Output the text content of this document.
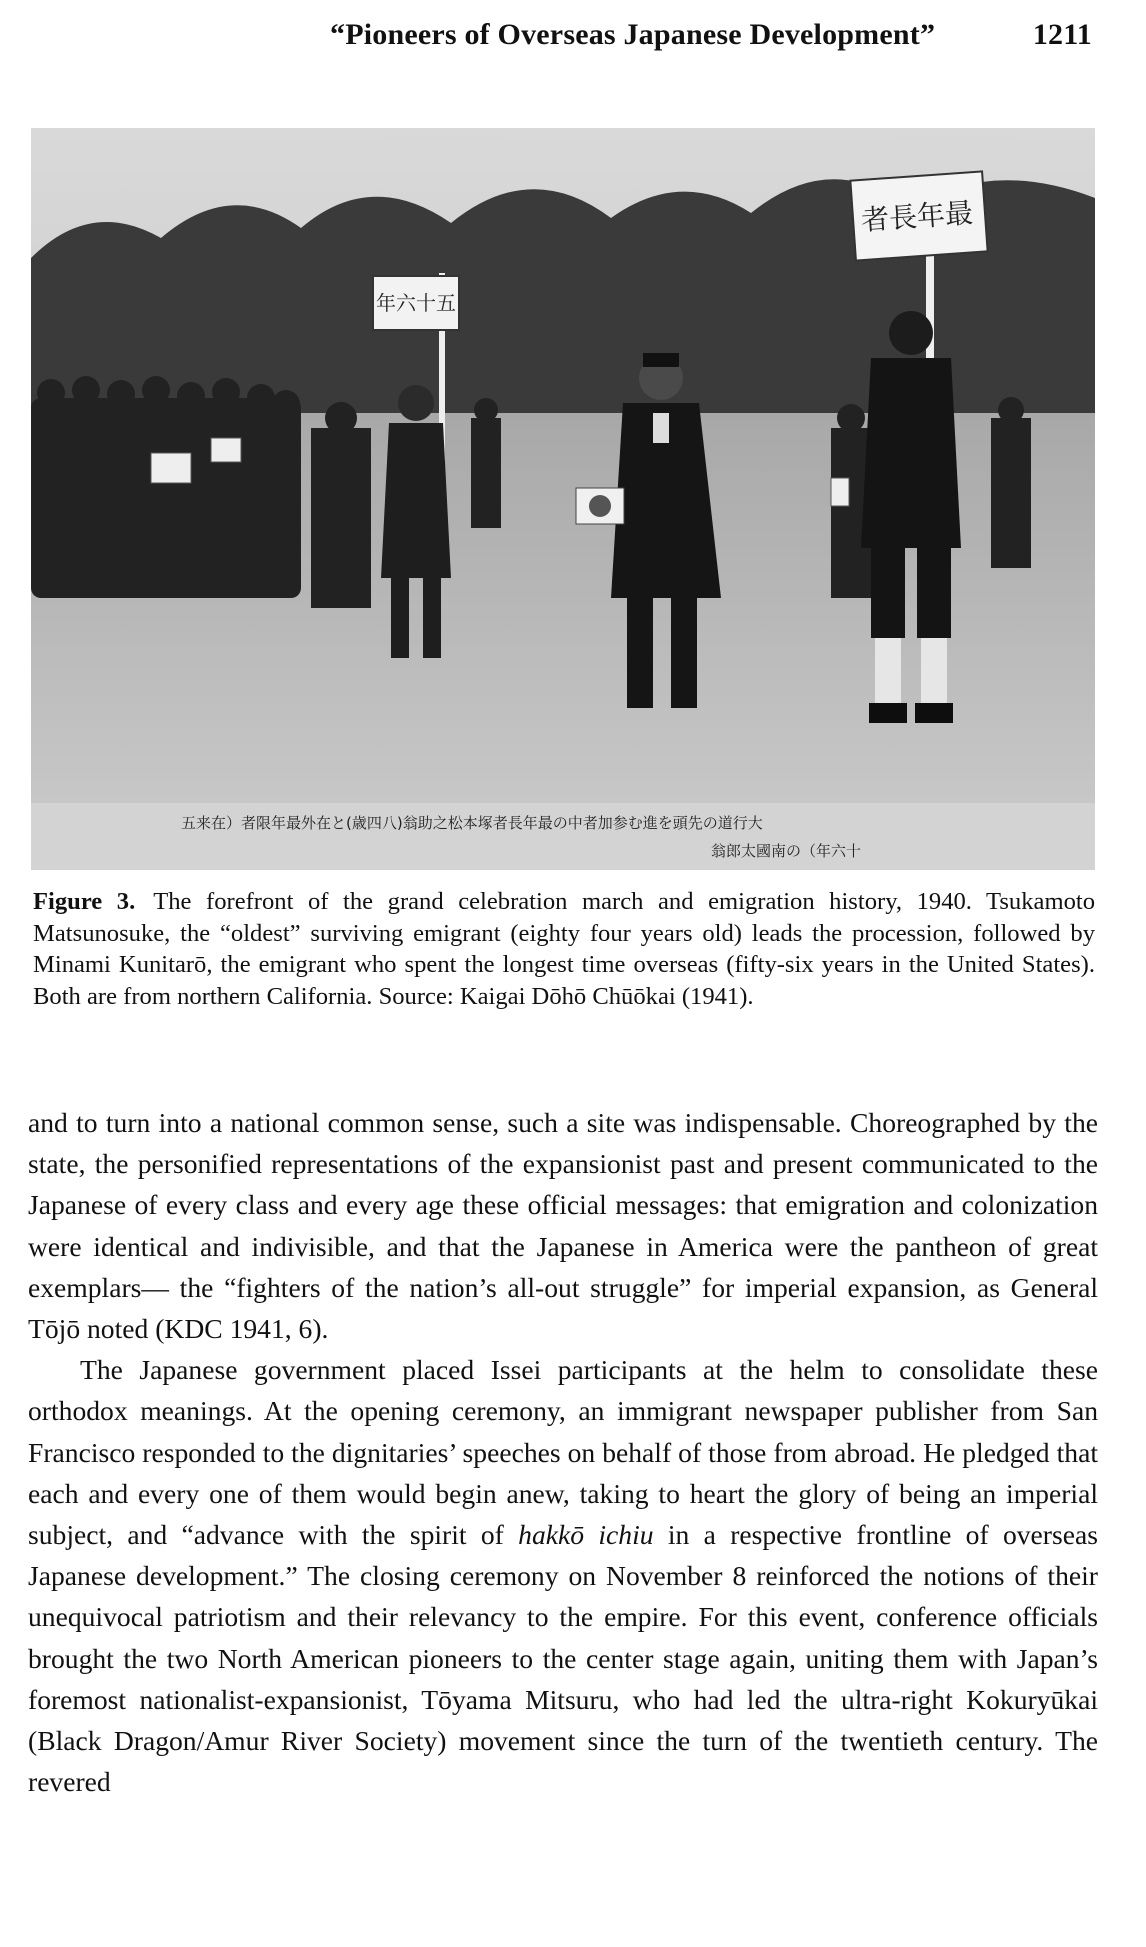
“Pioneers of Overseas Japanese Development”	1211
年六十五
者長年最
五来在）者限年最外在と(歳四八)翁助之松本塚者長年最の中者加参む進を頭先の道行大
翁郎太國南の（年六十
Figure 3. The forefront of the grand celebration march and emigration history, 1940. Tsukamoto Matsunosuke, the “oldest” surviving emigrant (eighty four years old) leads the procession, followed by Minami Kunitarō, the emigrant who spent the longest time overseas (fifty-six years in the United States). Both are from northern California. Source: Kaigai Dōhō Chūōkai (1941).

and to turn into a national common sense, such a site was indispensable. Choreographed by the state, the personified representations of the expansionist past and present communicated to the Japanese of every class and every age these official messages: that emigration and colonization were identical and indivisible, and that the Japanese in America were the pantheon of great exemplars— the “fighters of the nation’s all-out struggle” for imperial expansion, as General Tōjō noted (KDC 1941, 6).

The Japanese government placed Issei participants at the helm to consolidate these orthodox meanings. At the opening ceremony, an immigrant newspaper publisher from San Francisco responded to the dignitaries’ speeches on behalf of those from abroad. He pledged that each and every one of them would begin anew, taking to heart the glory of being an imperial subject, and “advance with the spirit of hakkō ichiu in a respective frontline of overseas Japanese development.” The closing ceremony on November 8 reinforced the notions of their unequivocal patriotism and their relevancy to the empire. For this event, conference officials brought the two North American pioneers to the center stage again, uniting them with Japan’s foremost nationalist-expansionist, Tōyama Mitsuru, who had led the ultra-right Kokuryūkai (Black Dragon/Amur River Society) movement since the turn of the twentieth century. The revered
